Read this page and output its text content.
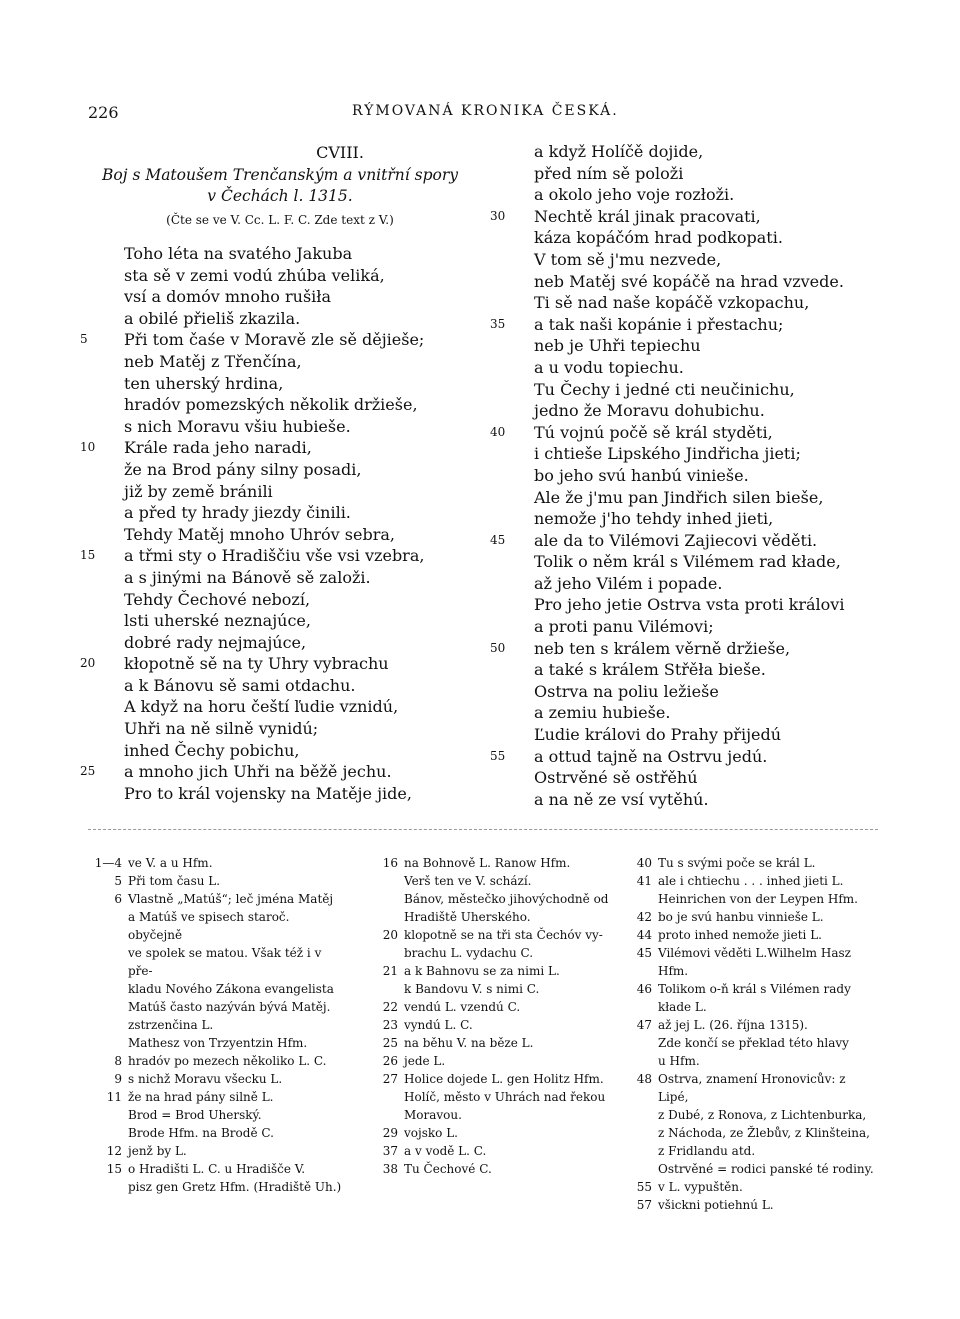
226	RÝMOVANÁ KRONIKA ČESKÁ.
CVIII.
Boj s Matoušem Trenčanským a vnitřní spory
v Čechách l. 1315.
(Čte se ve V. Cc. L. F. C. Zde text z V.)
Toho léta na svatého Jakuba
sta sě v zemi vodú zhúba veliká,
vsí a domóv mnoho rušiła
a obilé přieliš zkazila.
5	Při tom čaśe v Moravě zle sě dějieše;
neb Matěj z Třenčína,
ten uherský hrdina,
hradóv pomezských několik držieše,
s nich Moravu všiu hubieše.
10	Krále rada jeho naradi,
že na Brod pány silny posadi,
již by země bránili
a před ty hrady jiezdy činili.
Tehdy Matěj mnoho Uhróv sebra,
15	a třmi sty o Hradiščiu vše vsi vzebra,
a s jinými na Bánově sě založi.
Tehdy Čechové nebozí,
lsti uherské neznajúce,
dobré rady nejmajúce,
20	kłopotně sě na ty Uhry vybrachu
a k Bánovu sě sami otdachu.
A když na horu čeští ľudie vznidú,
Uhři na ně silně vynidú;
inhed Čechy pobichu,
25	a mnoho jich Uhři na běžě jechu.
Pro to král vojensky na Matěje jide,
a když Holíčě dojide,
před ním sě položi
a okolo jeho voje rozłoži.
30	Nechtě král jinak pracovati,
káza kopáčóm hrad podkopati.
V tom sě j'mu nezvede,
neb Matěj své kopáčě na hrad vzvede.
Ti sě nad naše kopáčě vzkopachu,
35	a tak naši kopánie i přestachu;
neb je Uhři tepiechu
a u vodu topiechu.
Tu Čechy i jedné cti neučinichu,
jedno že Moravu dohubichu.
40	Tú vojnú počě sě král styděti,
i chtieše Lipského Jindřicha jieti;
bo jeho svú hanbú vinieše.
Ale že j'mu pan Jindřich silen bieše,
nemože j'ho tehdy inhed jieti,
45	ale da to Vilémovi Zajiecovi věděti.
Tolik o něm král s Vilémem rad kłade,
až jeho Vilém i popade.
Pro jeho jetie Ostrva vsta proti královi
a proti panu Vilémovi;
50	neb ten s králem věrně držieše,
a také s králem Střěła bieše.
Ostrva na poliu ležieše
a zemiu hubieše.
Ľudie královi do Prahy přijedú
55	a ottud tajně na Ostrvu jedú.
Ostrvěné sě ostřěhú
a na ně ze vsí vytěhú.
1—4 ve V. a u Hfm.
5 Při tom času L.
6 Vlastně „Matúš“; leč jména Matěj
a Matúš ve spisech staroč. obyčejně
ve spolek se matou. Však též i v pře-
kladu Nového Zákona evangelista
Matúš často nazýván bývá Matěj.
zstrzenčina L.
Mathesz von Trzyentzin Hfm.
8 hradóv po mezech několiko L. C.
9 s nichž Moravu všecku L.
11 že na hrad pány silně L.
Brod = Brod Uherský.
Brode Hfm. na Brodě C.
12 jenž by L.
15 o Hradišti L. C. u Hradišče V.
pisz gen Gretz Hfm. (Hradiště Uh.)
16 na Bohnově L. Ranow Hfm.
Verš ten ve V. schází.
Bánov, městečko jihovýchodně od
Hradiště Uherského.
20 klopotně se na tři sta Čechóv vy-
brachu L. vydachu C.
21 a k Bahnovu se za nimi L.
k Bandovu V. s nimi C.
22 vendú L. vzendú C.
23 vyndú L. C.
25 na běhu V. na běze L.
26 jede L.
27 Holice dojede L. gen Holitz Hfm.
Holíč, město v Uhrách nad řekou
Moravou.
29 vojsko L.
37 a v vodě L. C.
38 Tu Čechové C.
40 Tu s svými poče se král L.
41 ale i chtiechu . . . inhed jieti L.
Heinrichen von der Leypen Hfm.
42 bo je svú hanbu vinnieše L.
44 proto inhed nemože jieti L.
45 Vilémovi věděti L.Wilhelm Hasz Hfm.
46 Tolikom o-ň král s Vilémen rady
kłade L.
47 až jej L. (26. října 1315).
Zde končí se překlad této hlavy
u Hfm.
48 Ostrva, znamení Hronovicův: z Lipé,
z Dubé, z Ronova, z Lichtenburka,
z Náchoda, ze Žlebův, z Klinšteina,
z Fridlandu atd.
Ostrvěné = rodici panské té rodiny.
55 v L. vypuštěn.
57 všickni potiehnú L.
